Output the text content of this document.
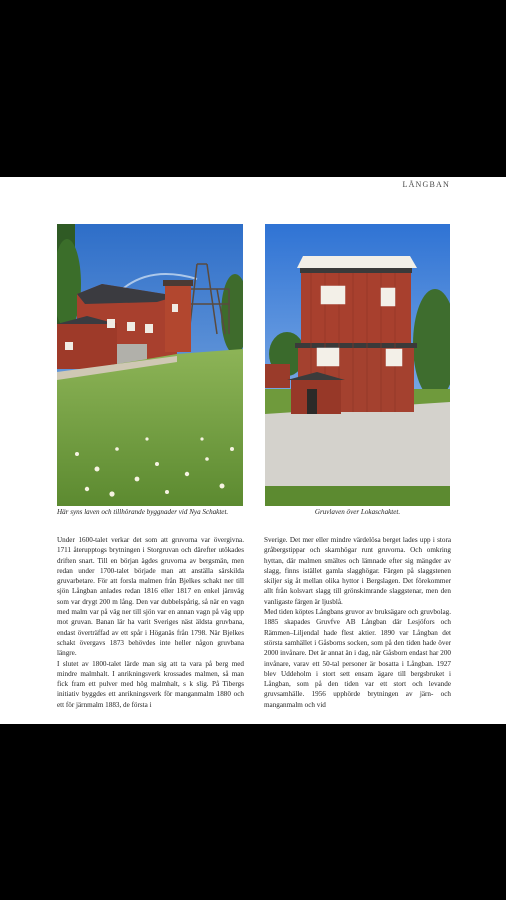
LÅNGBAN
Här syns laven och tillhörande byggnader vid Nya Schaktet.	Gruvlaven över Lokaschaktet.
Under 1600-talet verkar det som att gruvorna var övergivna. 1711 återupptogs brytningen i Storgruvan och därefter utökades driften snart. Till en början ägdes gruvorna av bergsmän, men redan under 1700-talet började man att anställa särskilda gruvarbetare. För att forsla malmen från Bjelkes schakt ner till sjön Långban anlades redan 1816 eller 1817 en enkel järnväg som var drygt 200 m lång. Den var dubbelspårig, så när en vagn med malm var på väg ner till sjön var en annan vagn på väg upp mot gruvan. Banan lär ha varit Sveriges näst äldsta gruvbana, endast överträffad av ett spår i Höganäs från 1798. När Bjelkes schakt övergavs 1873 behövdes inte heller någon gruvbana längre.
I slutet av 1800-talet lärde man sig att ta vara på berg med mindre malmhalt. I anrikningsverk krossades malmen, så man fick fram ett pulver med hög malmhalt, s k slig. På Tibergs initiativ byggdes ett anrikningsverk för manganmalm 1880 och ett för järnmalm 1883, de första i
Sverige. Det mer eller mindre värdelösa berget lades upp i stora gråbergstippar och skarnhögar runt gruvorna. Och omkring hyttan, där malmen smältes och lämnade efter sig mängder av slagg, finns istället gamla slagghögar. Färgen på slaggstenen skiljer sig åt mellan olika hyttor i Bergslagen. Det förekommer allt från kolsvart slagg till grönskimrande slaggstenar, men den vanligaste färgen är ljusblå.
Med tiden köptes Långbans gruvor av bruksägare och gruvbolag. 1885 skapades Gruvfve AB Långban där Lesjöfors och Rämmen–Liljendal hade flest aktier. 1890 var Långban det största samhället i Gåsborns socken, som på den tiden hade över 2000 invånare. Det är annat än i dag, när Gåsborn endast har 200 invånare, varav ett 50-tal personer är bosatta i Långban. 1927 blev Uddeholm i stort sett ensam ägare till bergsbruket i Långban, som på den tiden var ett stort och levande gruvsamhälle. 1956 upphörde brytningen av järn- och manganmalm och vid
